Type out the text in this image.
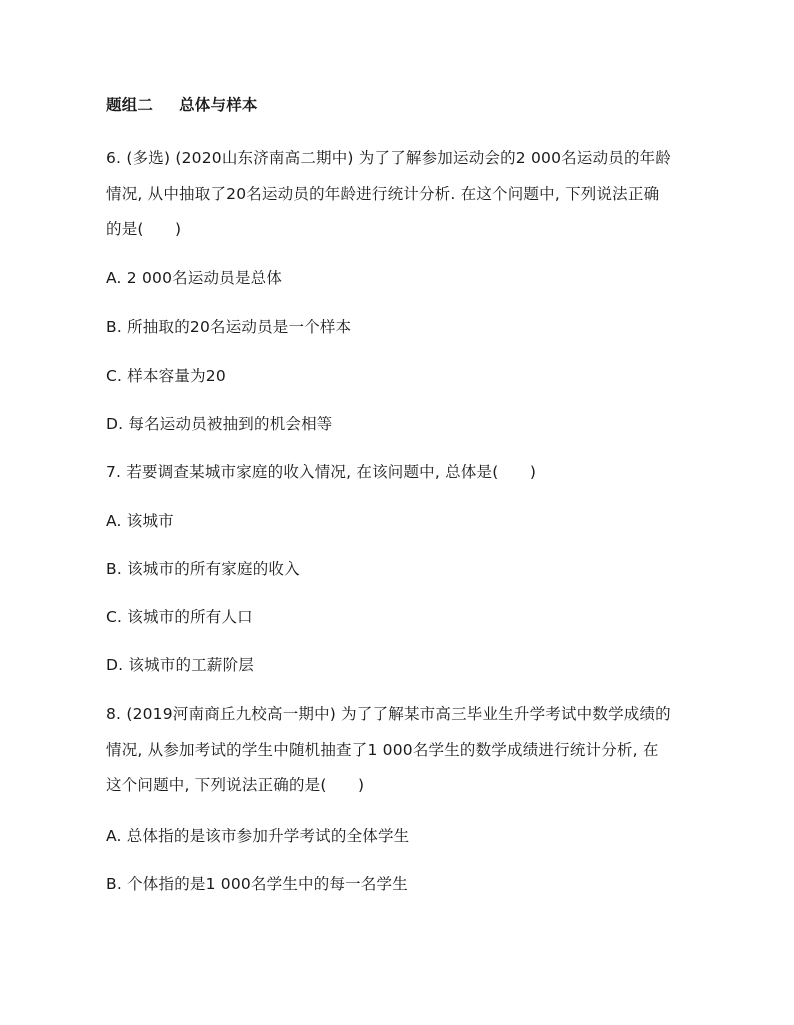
题组二 总体与样本
6. (多选) (2020山东济南高二期中) 为了了解参加运动会的2 000名运动员的年龄
情况, 从中抽取了20名运动员的年龄进行统计分析. 在这个问题中, 下列说法正确
的是(　　)
A. 2 000名运动员是总体
B. 所抽取的20名运动员是一个样本
C. 样本容量为20
D. 每名运动员被抽到的机会相等
7. 若要调查某城市家庭的收入情况, 在该问题中, 总体是(　　)
A. 该城市
B. 该城市的所有家庭的收入
C. 该城市的所有人口
D. 该城市的工薪阶层
8. (2019河南商丘九校高一期中) 为了了解某市高三毕业生升学考试中数学成绩的
情况, 从参加考试的学生中随机抽查了1 000名学生的数学成绩进行统计分析, 在
这个问题中, 下列说法正确的是(　　)
A. 总体指的是该市参加升学考试的全体学生
B. 个体指的是1 000名学生中的每一名学生
